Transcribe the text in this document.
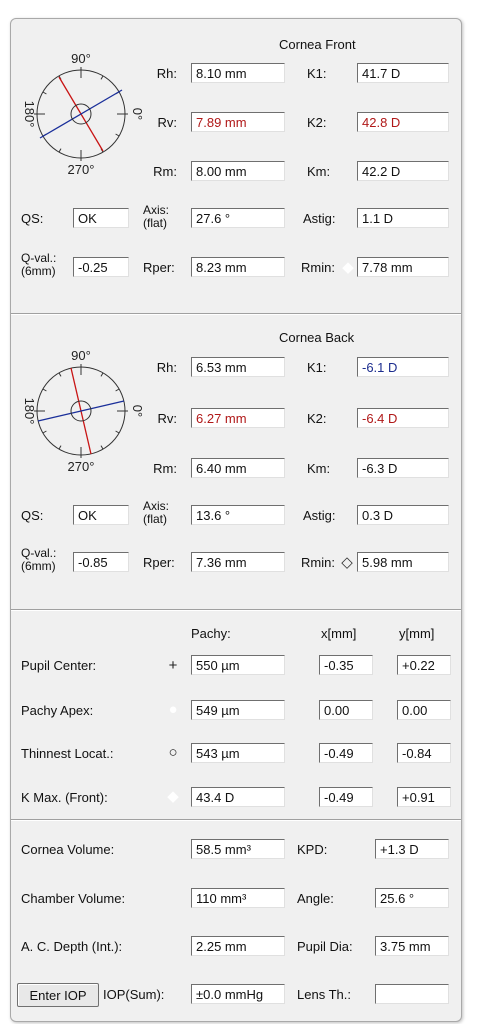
Cornea Front
90°
270°
0°
180°
Rh:	8.10 mm	K1:	41.7 D
Rv:	7.89 mm	K2:	42.8 D
Rm:	8.00 mm	Km:	42.2 D
QS:	OK
Axis:
(flat)	27.6 °	Astig:	1.1 D
Q-val.:
(6mm)	-0.25	Rper:	8.23 mm	Rmin: ◆ 7.78 mm
Cornea Back
90°
270°
0°
180°
Rh:	6.53 mm	K1:	-6.1 D
Rv:	6.27 mm	K2:	-6.4 D
Rm:	6.40 mm	Km:	-6.3 D
QS:	OK
Axis:
(flat)	13.6 °	Astig:	0.3 D
Q-val.:
(6mm)	-0.85	Rper:	7.36 mm	Rmin: ◇ 5.98 mm
Pachy:	x[mm]	y[mm]
Pupil Center:	+	550 µm	-0.35	+0.22
Pachy Apex:	●	549 µm	0.00	0.00
Thinnest Locat.:	○	543 µm	-0.49	-0.84
K Max. (Front):	◆	43.4 D	-0.49	+0.91
Cornea Volume:	58.5 mm³	KPD:	+1.3 D
Chamber Volume:	110 mm³	Angle:	25.6 °
A. C. Depth (Int.):	2.25 mm	Pupil Dia:	3.75 mm
Enter IOP	IOP(Sum):	±0.0 mmHg	Lens Th.:
